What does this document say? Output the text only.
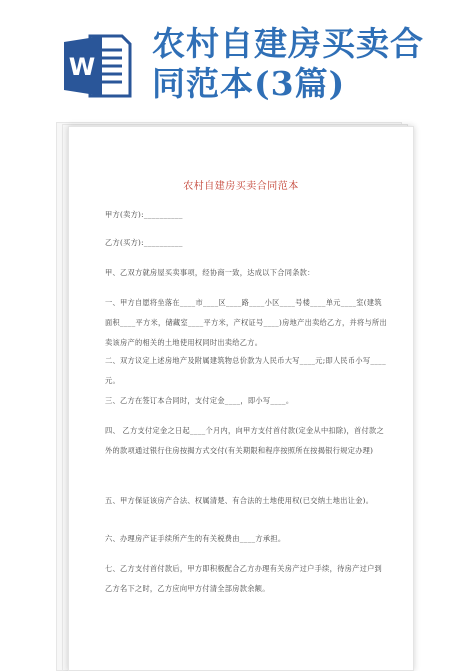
W
农村自建房买卖合
同范本(3篇)
农村自建房买卖合同范本
甲方(卖方):__________
乙方(买方):__________
甲、乙双方就房屋买卖事项，经协商一致，达成以下合同条款：
一、甲方自愿将坐落在____市____区____路____小区____号楼____单元____室(建筑面积____平方米，储藏室____平方米，产权证号____)房地产出卖给乙方，并将与所出卖该房产的相关的土地使用权同时出卖给乙方。
二、双方议定上述房地产及附属建筑物总价款为人民币大写____元;即人民币小写____元。
三、乙方在签订本合同时，支付定金____，即小写____。
四、 乙方支付定金之日起____个月内，向甲方支付首付款(定金从中扣除)，首付款之外的款项通过银行住房按揭方式交付(有关期限和程序按照所在按揭银行规定办理)
五、甲方保证该房产合法、权属清楚、有合法的土地使用权(已交纳土地出让金)。
六、办理房产证手续所产生的有关税费由____方承担。
七、乙方支付首付款后，甲方即积极配合乙方办理有关房产过户手续，待房产过户到乙方名下之时，乙方应向甲方付清全部房款余额。
